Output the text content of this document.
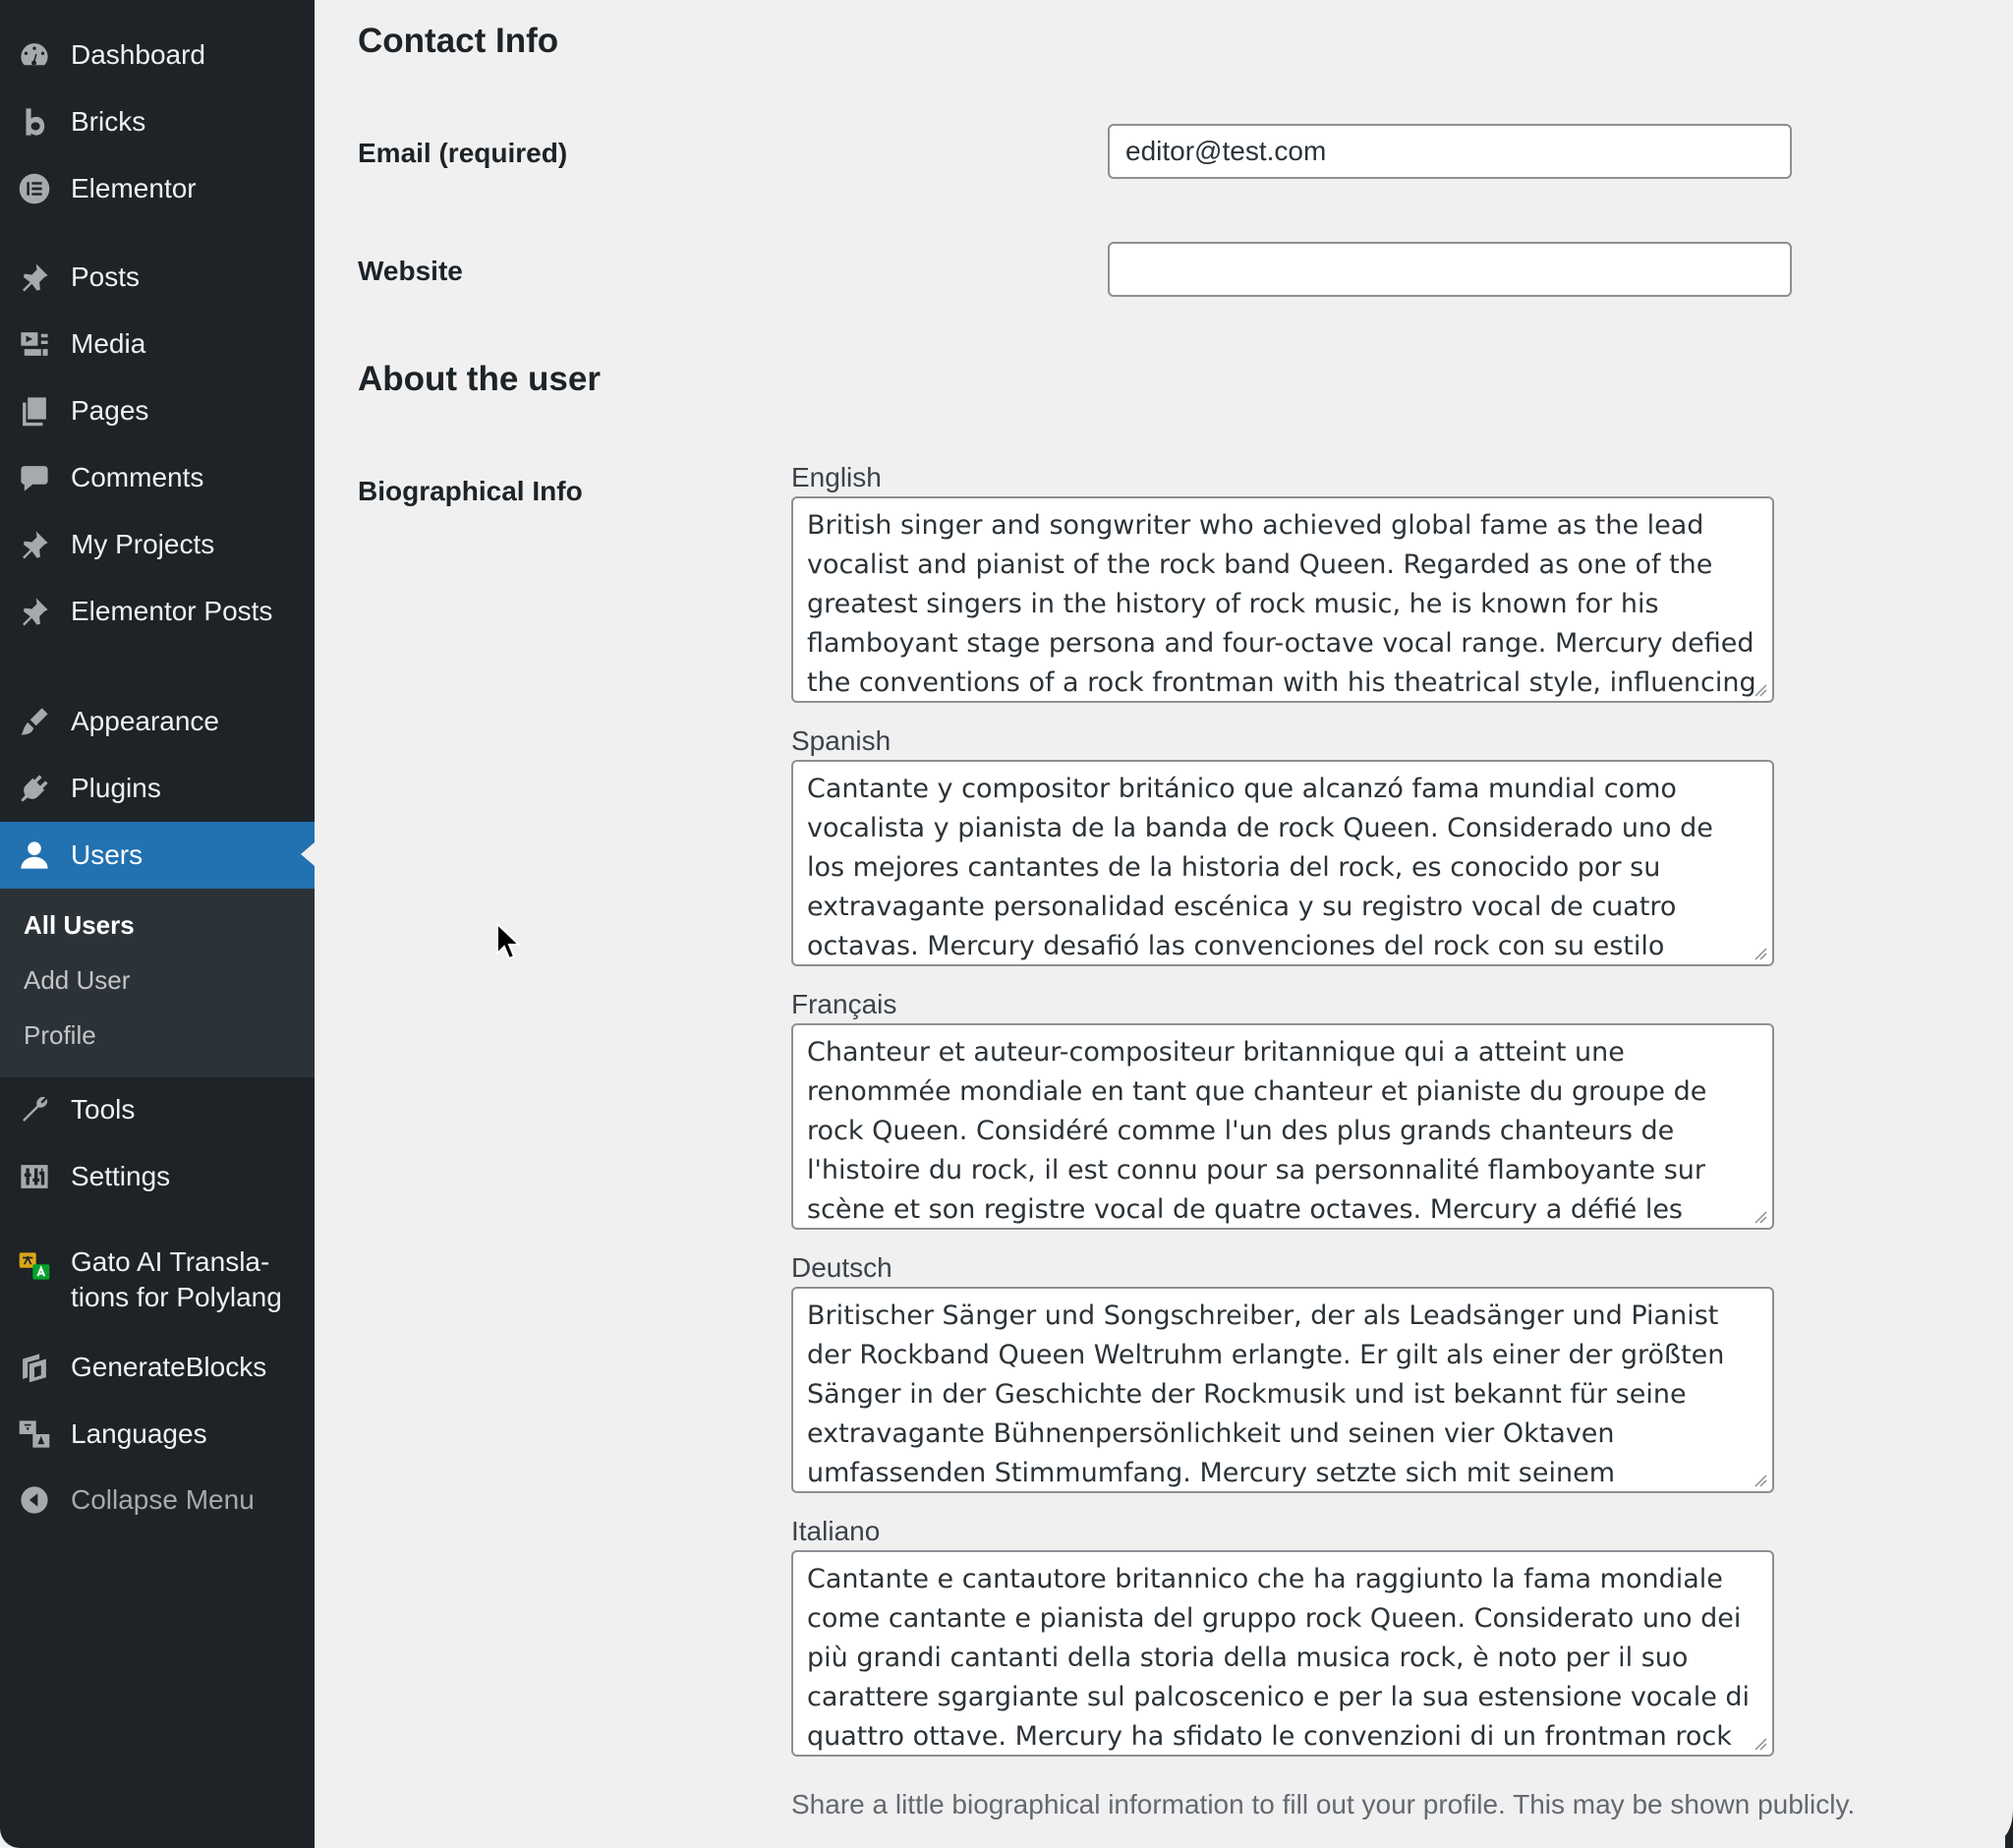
Dashboard
Bricks
Elementor
Posts
Media
Pages
Comments
My Projects
Elementor Posts
Appearance
Plugins
Users
All Users
Add User
Profile
Tools
Settings
Gato AI Transla-
tions for Polylang
GenerateBlocks
Languages
Collapse Menu
Contact Info
Email (required)
editor@test.com
Website
About the user
Biographical Info	English

British singer and songwriter who achieved global fame as the lead vocalist and pianist of the rock band Queen. Regarded as one of the greatest singers in the history of rock music, he is known for his flamboyant stage persona and four-octave vocal range. Mercury defied the conventions of a rock frontman with his theatrical style, influencing the artistic direction of

Spanish

Cantante y compositor británico que alcanzó fama mundial como vocalista y pianista de la banda de rock Queen. Considerado uno de los mejores cantantes de la historia del rock, es conocido por su extravagante personalidad escénica y su registro vocal de cuatro octavas. Mercury desafió las convenciones del rock con su estilo teatral e influyó en la

Français

Chanteur et auteur-compositeur britannique qui a atteint une renommée mondiale en tant que chanteur et pianiste du groupe de rock Queen. Considéré comme l'un des plus grands chanteurs de l'histoire du rock, il est connu pour sa personnalité flamboyante sur scène et son registre vocal de quatre octaves. Mercury a défié les conventions d'un chanteur de rock

Deutsch

Britischer Sänger und Songschreiber, der als Leadsänger und Pianist der Rockband Queen Weltruhm erlangte. Er gilt als einer der größten Sänger in der Geschichte der Rockmusik und ist bekannt für seine extravagante Bühnenpersönlichkeit und seinen vier Oktaven umfassenden Stimmumfang. Mercury setzte sich mit seinem theatralischen Stil über die

Italiano

Cantante e cantautore britannico che ha raggiunto la fama mondiale come cantante e pianista del gruppo rock Queen. Considerato uno dei più grandi cantanti della storia della musica rock, è noto per il suo carattere sgargiante sul palcoscenico e per la sua estensione vocale di quattro ottave. Mercury ha sfidato le convenzioni di un frontman rock con il suo

Share a little biographical information to fill out your profile. This may be shown publicly.
